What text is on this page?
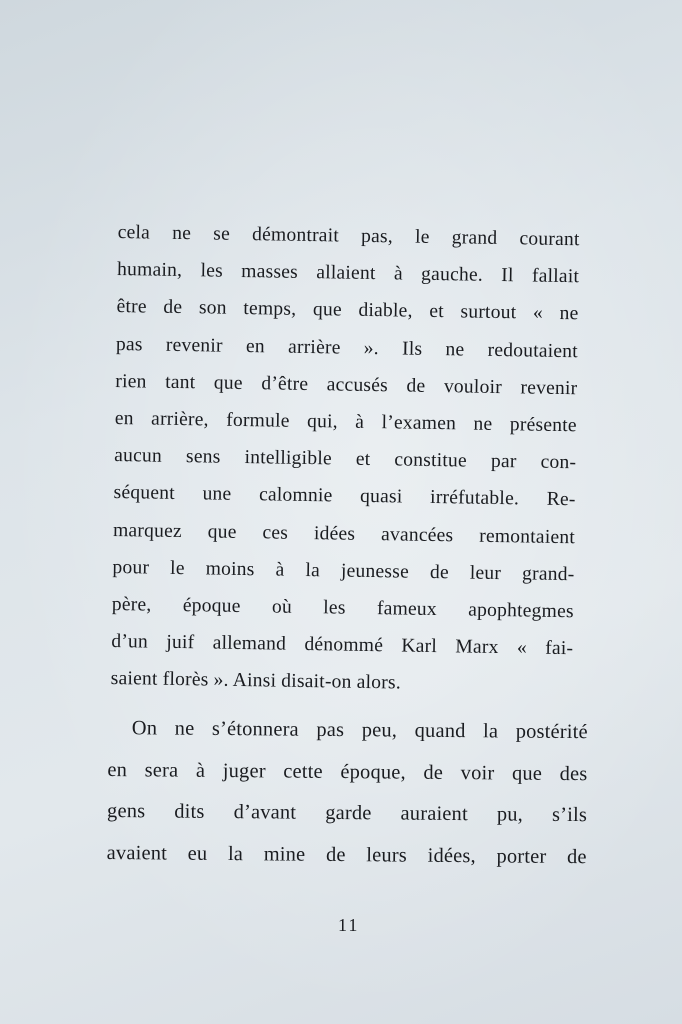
cela ne se démontrait pas, le grand courant
humain, les masses allaient à gauche. Il fallait
être de son temps, que diable, et surtout « ne
pas revenir en arrière ». Ils ne redoutaient
rien tant que d’être accusés de vouloir revenir
en arrière, formule qui, à l’examen ne présente
aucun sens intelligible et constitue par con-
séquent une calomnie quasi irréfutable. Re-
marquez que ces idées avancées remontaient
pour le moins à la jeunesse de leur grand-
père, époque où les fameux apophtegmes
d’un juif allemand dénommé Karl Marx « fai-
saient florès ». Ainsi disait-on alors.
On ne s’étonnera pas peu, quand la postérité
en sera à juger cette époque, de voir que des
gens dits d’avant garde auraient pu, s’ils
avaient eu la mine de leurs idées, porter de
11
